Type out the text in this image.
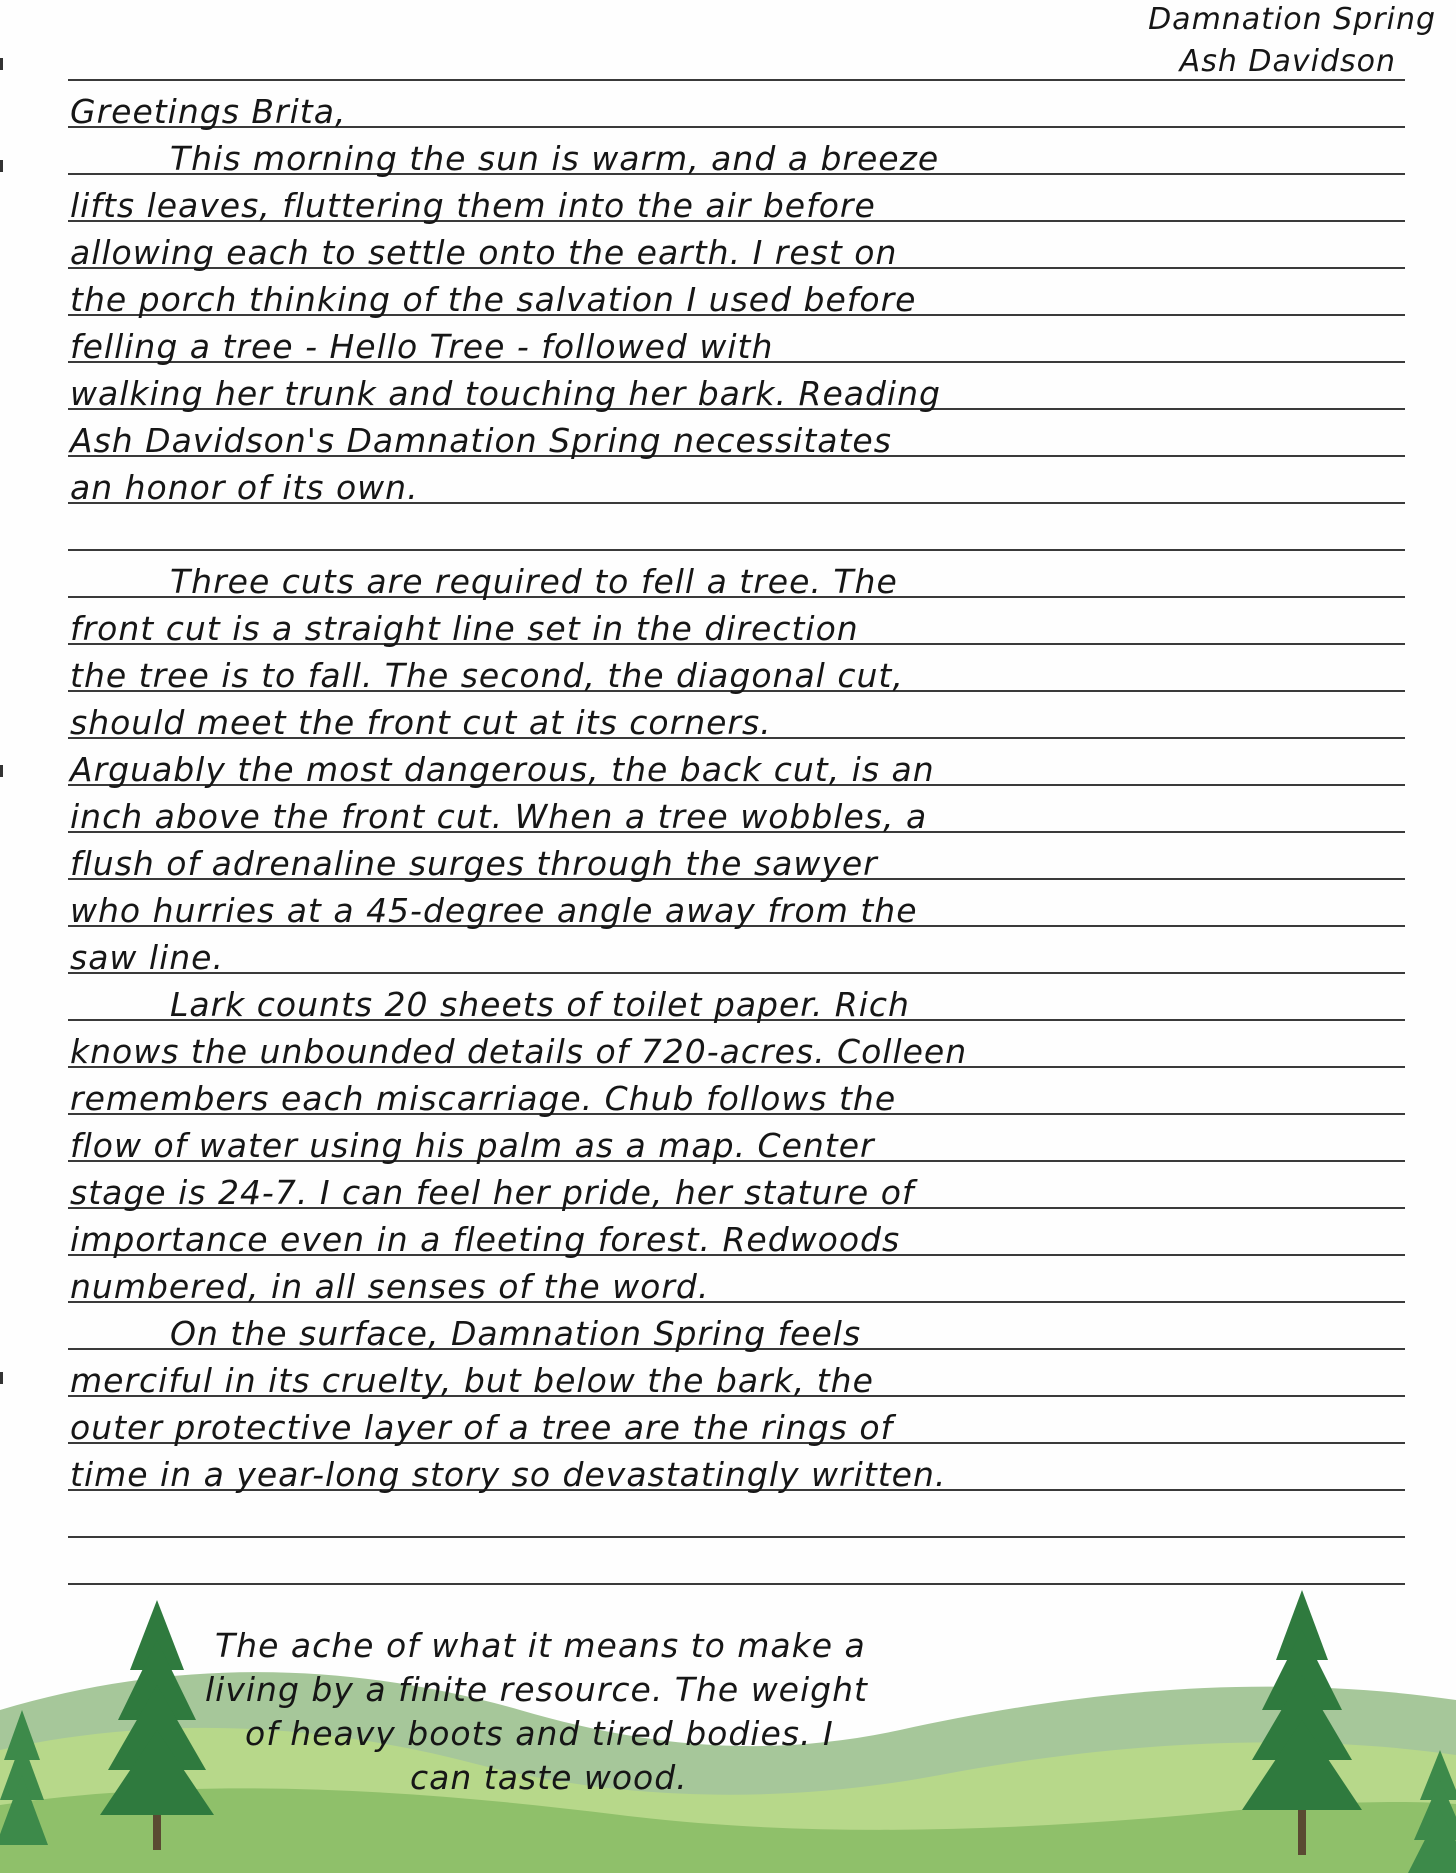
Damnation Spring
Ash Davidson
Greetings Brita,
This morning the sun is warm, and a breeze
lifts leaves, fluttering them into the air before
allowing each to settle onto the earth. I rest on
the porch thinking of the salvation I used before
felling a tree - Hello Tree - followed with
walking her trunk and touching her bark. Reading
Ash Davidson's Damnation Spring necessitates
an honor of its own.
Three cuts are required to fell a tree. The
front cut is a straight line set in the direction
the tree is to fall. The second, the diagonal cut,
should meet the front cut at its corners.
Arguably the most dangerous, the back cut, is an
inch above the front cut. When a tree wobbles, a
flush of adrenaline surges through the sawyer
who hurries at a 45-degree angle away from the
saw line.
Lark counts 20 sheets of toilet paper. Rich
knows the unbounded details of 720-acres. Colleen
remembers each miscarriage. Chub follows the
flow of water using his palm as a map. Center
stage is 24-7. I can feel her pride, her stature of
importance even in a fleeting forest. Redwoods
numbered, in all senses of the word.
On the surface, Damnation Spring feels
merciful in its cruelty, but below the bark, the
outer protective layer of a tree are the rings of
time in a year-long story so devastatingly written.
The ache of what it means to make a
living by a finite resource. The weight
of heavy boots and tired bodies. I
can taste wood.
